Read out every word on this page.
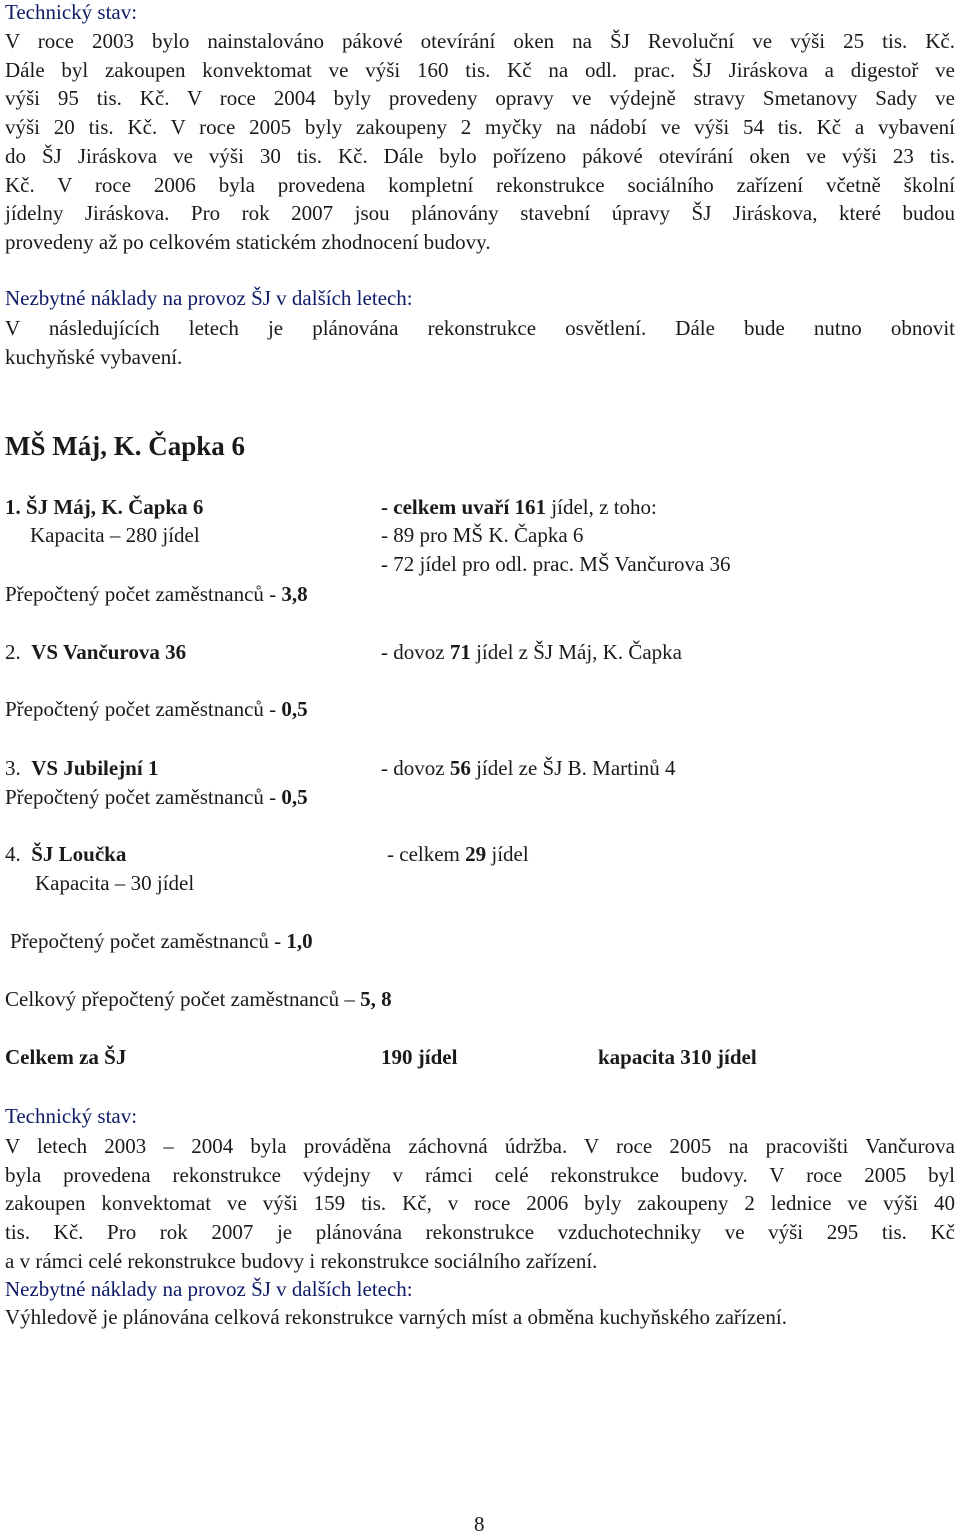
Technický stav:
V roce 2003 bylo nainstalováno pákové otevírání oken na ŠJ Revoluční ve výši 25 tis. Kč.
Dále byl zakoupen konvektomat ve výši 160 tis. Kč na odl. prac. ŠJ Jiráskova a digestoř ve
výši 95 tis. Kč. V roce 2004 byly provedeny opravy ve výdejně stravy Smetanovy Sady ve
výši 20 tis. Kč. V roce 2005 byly zakoupeny 2 myčky na nádobí ve výši 54 tis. Kč a vybavení
do ŠJ Jiráskova ve výši 30 tis. Kč. Dále bylo pořízeno pákové otevírání oken ve výši 23 tis.
Kč. V roce 2006 byla provedena kompletní rekonstrukce sociálního zařízení včetně školní
jídelny Jiráskova. Pro rok 2007 jsou plánovány stavební úpravy ŠJ Jiráskova, které budou
provedeny až po celkovém statickém zhodnocení budovy.
Nezbytné náklady na provoz ŠJ v dalších letech:
V následujících letech je plánována rekonstrukce osvětlení. Dále bude nutno obnovit
kuchyňské vybavení.
MŠ Máj, K. Čapka 6
1. ŠJ Máj, K. Čapka 6	- celkem uvaří 161 jídel, z toho:
Kapacita – 280 jídel	- 89 pro MŠ K. Čapka 6
- 72 jídel pro odl. prac. MŠ Vančurova 36
Přepočtený počet zaměstnanců - 3,8
2. VS Vančurova 36	- dovoz 71 jídel z ŠJ Máj, K. Čapka
Přepočtený počet zaměstnanců - 0,5
3. VS Jubilejní 1	- dovoz 56 jídel ze ŠJ B. Martinů 4
Přepočtený počet zaměstnanců - 0,5
4. ŠJ Loučka	- celkem 29 jídel
Kapacita – 30 jídel
Přepočtený počet zaměstnanců - 1,0
Celkový přepočtený počet zaměstnanců – 5, 8
Celkem za ŠJ	190 jídel	kapacita 310 jídel
Technický stav:
V letech 2003 – 2004 byla prováděna záchovná údržba. V roce 2005 na pracovišti Vančurova
byla provedena rekonstrukce výdejny v rámci celé rekonstrukce budovy. V roce 2005 byl
zakoupen konvektomat ve výši 159 tis. Kč, v roce 2006 byly zakoupeny 2 lednice ve výši 40
tis. Kč. Pro rok 2007 je plánována rekonstrukce vzduchotechniky ve výši 295 tis. Kč
a v rámci celé rekonstrukce budovy i rekonstrukce sociálního zařízení.
Nezbytné náklady na provoz ŠJ v dalších letech:
Výhledově je plánována celková rekonstrukce varných míst a obměna kuchyňského zařízení.
8
